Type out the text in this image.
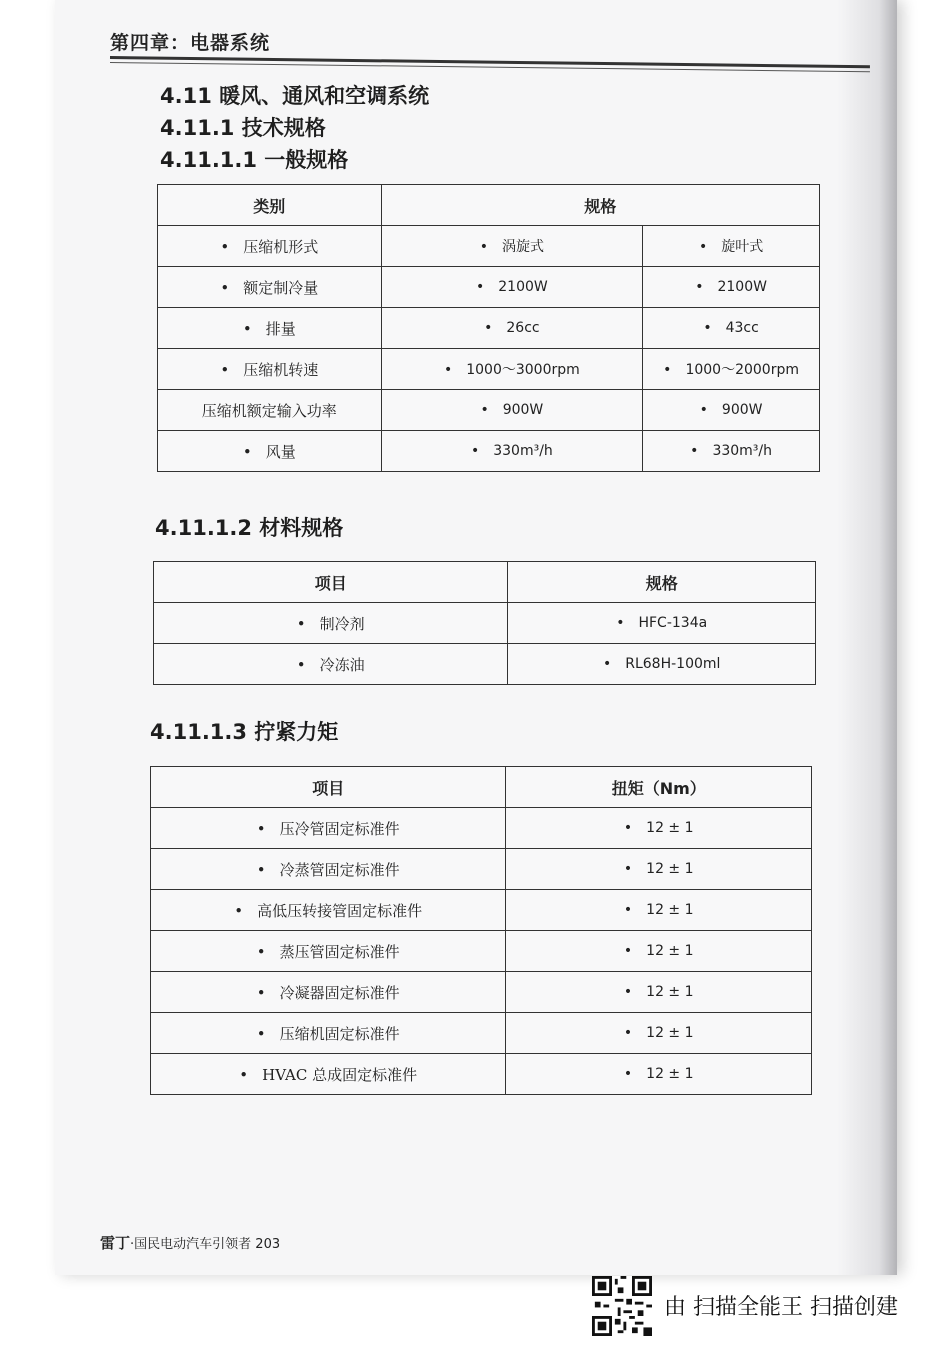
第四章：电器系统
4.11 暖风、通风和空调系统
4.11.1 技术规格
4.11.1.1 一般规格
类别	规格	
• 压缩机形式	• 涡旋式	• 旋叶式
• 额定制冷量	• 2100W	• 2100W
• 排量	• 26cc	• 43cc
• 压缩机转速	• 1000～3000rpm	• 1000～2000rpm
压缩机额定输入功率	• 900W	• 900W
• 风量	• 330m³/h	• 330m³/h
4.11.1.2 材料规格
项目	规格
• 制冷剂	• HFC-134a
• 冷冻油	• RL68H-100ml
4.11.1.3 拧紧力矩
项目	扭矩（Nm）
• 压冷管固定标准件	• 12 ± 1
• 冷蒸管固定标准件	• 12 ± 1
• 高低压转接管固定标准件	• 12 ± 1
• 蒸压管固定标准件	• 12 ± 1
• 冷凝器固定标准件	• 12 ± 1
• 压缩机固定标准件	• 12 ± 1
• HVAC 总成固定标准件	• 12 ± 1
雷丁·国民电动汽车引领者 203
由 扫描全能王 扫描创建
